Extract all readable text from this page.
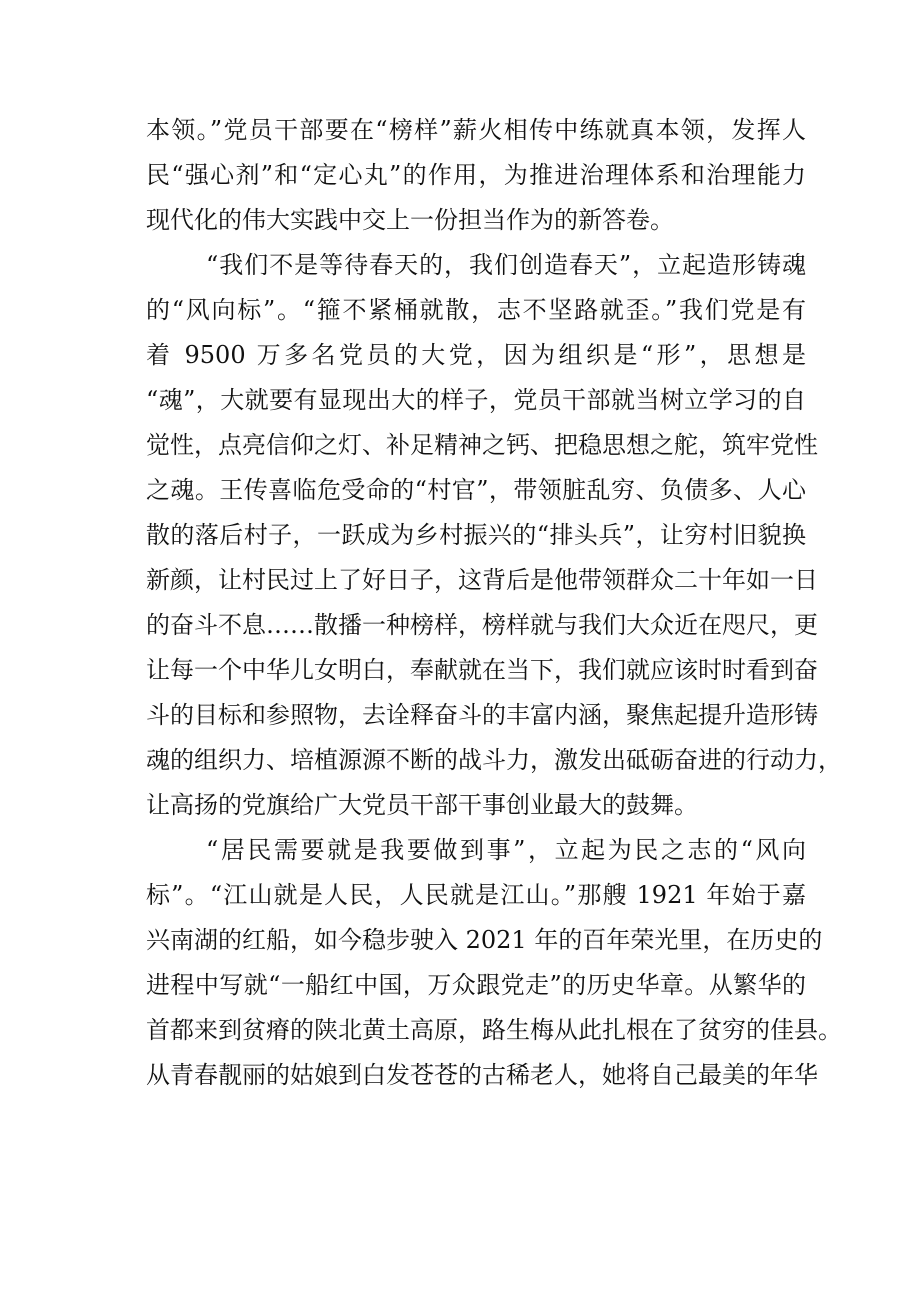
本领。”党员干部要在“榜样”薪火相传中练就真本领，发挥人
民“强心剂”和“定心丸”的作用，为推进治理体系和治理能力
现代化的伟大实践中交上一份担当作为的新答卷。
“我们不是等待春天的，我们创造春天”，立起造形铸魂
的“风向标”。“箍不紧桶就散，志不坚路就歪。”我们党是有
着 9500 万多名党员的大党，因为组织是“形”，思想是
“魂”，大就要有显现出大的样子，党员干部就当树立学习的自
觉性，点亮信仰之灯、补足精神之钙、把稳思想之舵，筑牢党性
之魂。王传喜临危受命的“村官”，带领脏乱穷、负债多、人心
散的落后村子，一跃成为乡村振兴的“排头兵”，让穷村旧貌换
新颜，让村民过上了好日子，这背后是他带领群众二十年如一日
的奋斗不息……散播一种榜样，榜样就与我们大众近在咫尺，更
让每一个中华儿女明白，奉献就在当下，我们就应该时时看到奋
斗的目标和参照物，去诠释奋斗的丰富内涵，聚焦起提升造形铸
魂的组织力、培植源源不断的战斗力，激发出砥砺奋进的行动力，
让高扬的党旗给广大党员干部干事创业最大的鼓舞。
“居民需要就是我要做到事”，立起为民之志的“风向
标”。“江山就是人民，人民就是江山。”那艘 1921 年始于嘉
兴南湖的红船，如今稳步驶入 2021 年的百年荣光里，在历史的
进程中写就“一船红中国，万众跟党走”的历史华章。从繁华的
首都来到贫瘠的陕北黄土高原，路生梅从此扎根在了贫穷的佳县。
从青春靓丽的姑娘到白发苍苍的古稀老人，她将自己最美的年华
